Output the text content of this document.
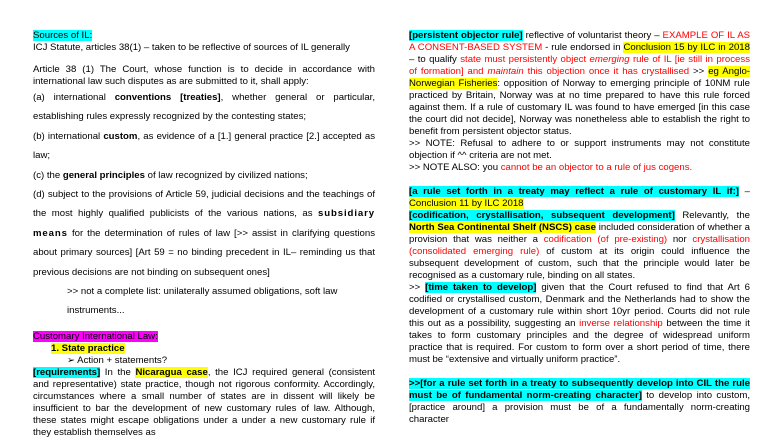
Sources of IL:

ICJ Statute, articles 38(1) – taken to be reflective of sources of IL generally

Article 38 (1) The Court, whose function is to decide in accordance with international law such disputes as are submitted to it, shall apply:

(a) international conventions [treaties], whether general or particular, establishing rules expressly recognized by the contesting states;

(b) international custom, as evidence of a [1.] general practice [2.] accepted as law;

(c) the general principles of law recognized by civilized nations;

(d) subject to the provisions of Article 59, judicial decisions and the teachings of the most highly qualified publicists of the various nations, as subsidiary means for the determination of rules of law [>> assist in clarifying questions about primary sources] [Art 59 = no binding precedent in IL– reminding us that previous decisions are not binding on subsequent ones]

>> not a complete list: unilaterally assumed obligations, soft law instruments...

Customary International Law:

1. State practice

➢ Action + statements?

[requirements] In the Nicaragua case, the ICJ required general (consistent and representative) state practice, though not rigorous conformity. Accordingly, circumstances where a small number of states are in dissent will likely be insufficient to bar the development of new customary rules of law. Although, these states might escape obligations under a under a new customary rule if they establish themselves as

[persistent objector rule] reflective of voluntarist theory – EXAMPLE OF IL AS A CONSENT-BASED SYSTEM - rule endorsed in Conclusion 15 by ILC in 2018 – to qualify state must persistently object emerging rule of IL [ie still in process of formation] and maintain this objection once it has crystallised >> eg Anglo-Norwegian Fisheries: opposition of Norway to emerging principle of 10NM rule practiced by Britain, Norway was at no time prepared to have this rule forced against them. If a rule of customary IL was found to have emerged [in this case the court did not decide], Norway was nonetheless able to establish the right to benefit from persistent objector status.

>> NOTE: Refusal to adhere to or support instruments may not constitute objection if ^^ criteria are not met.

>> NOTE ALSO: you cannot be an objector to a rule of jus cogens.

[a rule set forth in a treaty may reflect a rule of customary IL if:] – Conclusion 11 by ILC 2018

[codification, crystallisation, subsequent development] Relevantly, the North Sea Continental Shelf (NSCS) case included consideration of whether a provision that was neither a codification (of pre-existing) nor crystallisation (consolidated emerging rule) of custom at its origin could influence the subsequent development of custom, such that the principle would later be recognised as a customary rule, binding on all states.

>> [time taken to develop] given that the Court refused to find that Art 6 codified or crystallised custom, Denmark and the Netherlands had to show the development of a customary rule within short 10yr period. Courts did not rule this out as a possibility, suggesting an inverse relationship between the time it takes to form customary principles and the degree of widespread uniform practice that is required. For custom to form over a short period of time, there must be “extensive and virtually uniform practice”.

>>[for a rule set forth in a treaty to subsequently develop into CIL the rule must be of fundamental norm-creating character] to develop into custom, [practice around] a provision must be of a fundamentally norm-creating character
